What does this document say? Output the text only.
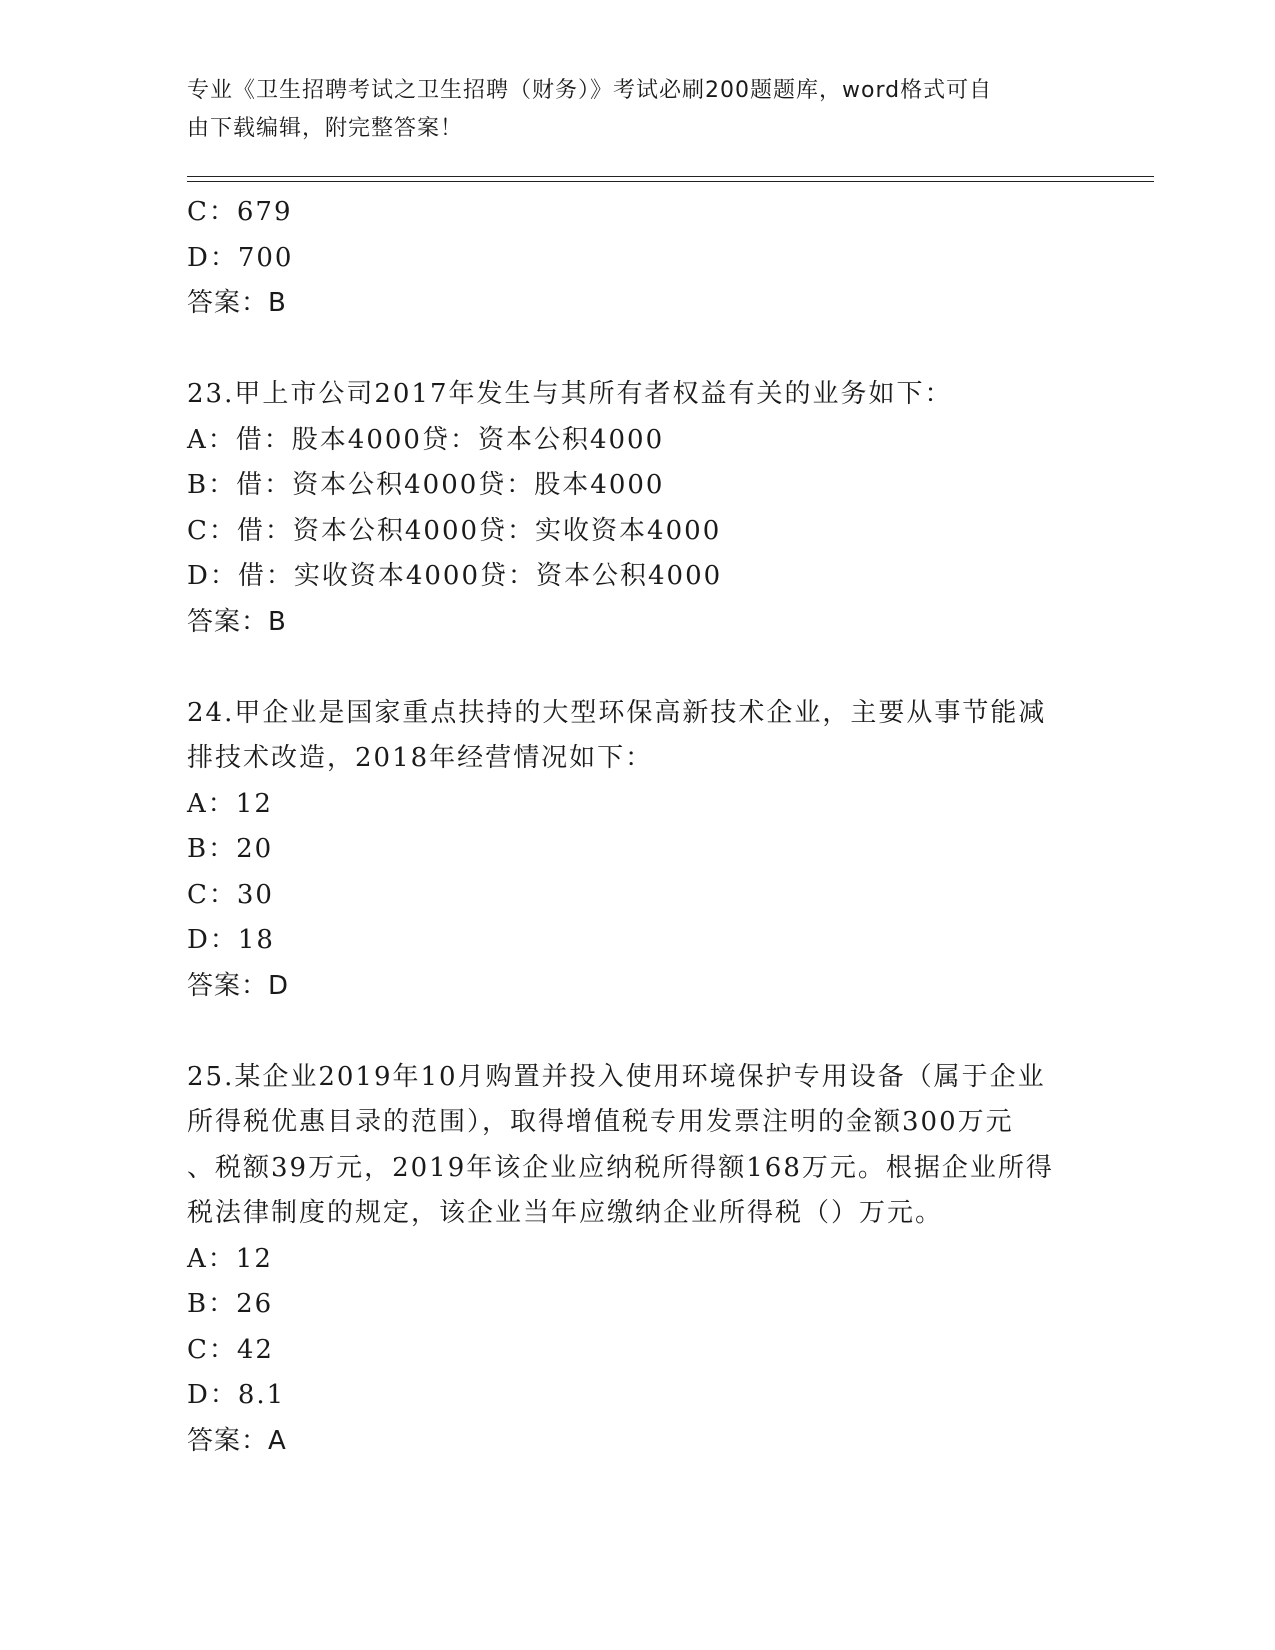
专业《卫生招聘考试之卫生招聘（财务）》考试必刷200题题库，word格式可自
由下载编辑，附完整答案！
C：679
D：700
答案：B
23.甲上市公司2017年发生与其所有者权益有关的业务如下：
A：借：股本4000贷：资本公积4000
B：借：资本公积4000贷：股本4000
C：借：资本公积4000贷：实收资本4000
D：借：实收资本4000贷：资本公积4000
答案：B
24.甲企业是国家重点扶持的大型环保高新技术企业，主要从事节能减
排技术改造，2018年经营情况如下：
A：12
B：20
C：30
D：18
答案：D
25.某企业2019年10月购置并投入使用环境保护专用设备（属于企业
所得税优惠目录的范围），取得增值税专用发票注明的金额300万元
、税额39万元，2019年该企业应纳税所得额168万元。根据企业所得
税法律制度的规定，该企业当年应缴纳企业所得税（）万元。
A：12
B：26
C：42
D：8.1
答案：A
